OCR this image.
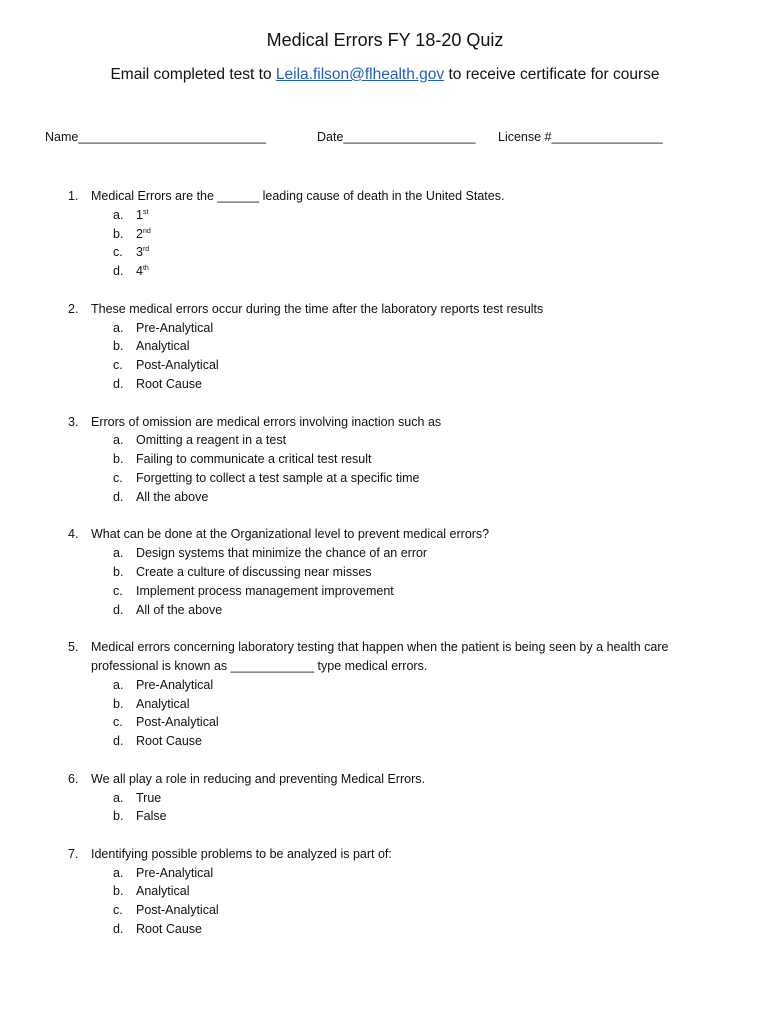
Medical Errors FY 18-20 Quiz
Email completed test to Leila.filson@flhealth.gov to receive certificate for course
Name___________________________	Date___________________ License #________________
1. Medical Errors are the ______ leading cause of death in the United States.
a. 1st
b. 2nd
c. 3rd
d. 4th
2. These medical errors occur during the time after the laboratory reports test results
a. Pre-Analytical
b. Analytical
c. Post-Analytical
d. Root Cause
3. Errors of omission are medical errors involving inaction such as
a. Omitting a reagent in a test
b. Failing to communicate a critical test result
c. Forgetting to collect a test sample at a specific time
d. All the above
4. What can be done at the Organizational level to prevent medical errors?
a. Design systems that minimize the chance of an error
b. Create a culture of discussing near misses
c. Implement process management improvement
d. All of the above
5. Medical errors concerning laboratory testing that happen when the patient is being seen by a health care professional is known as ____________ type medical errors.
a. Pre-Analytical
b. Analytical
c. Post-Analytical
d. Root Cause
6. We all play a role in reducing and preventing Medical Errors.
a. True
b. False
7. Identifying possible problems to be analyzed is part of:
a. Pre-Analytical
b. Analytical
c. Post-Analytical
d. Root Cause
